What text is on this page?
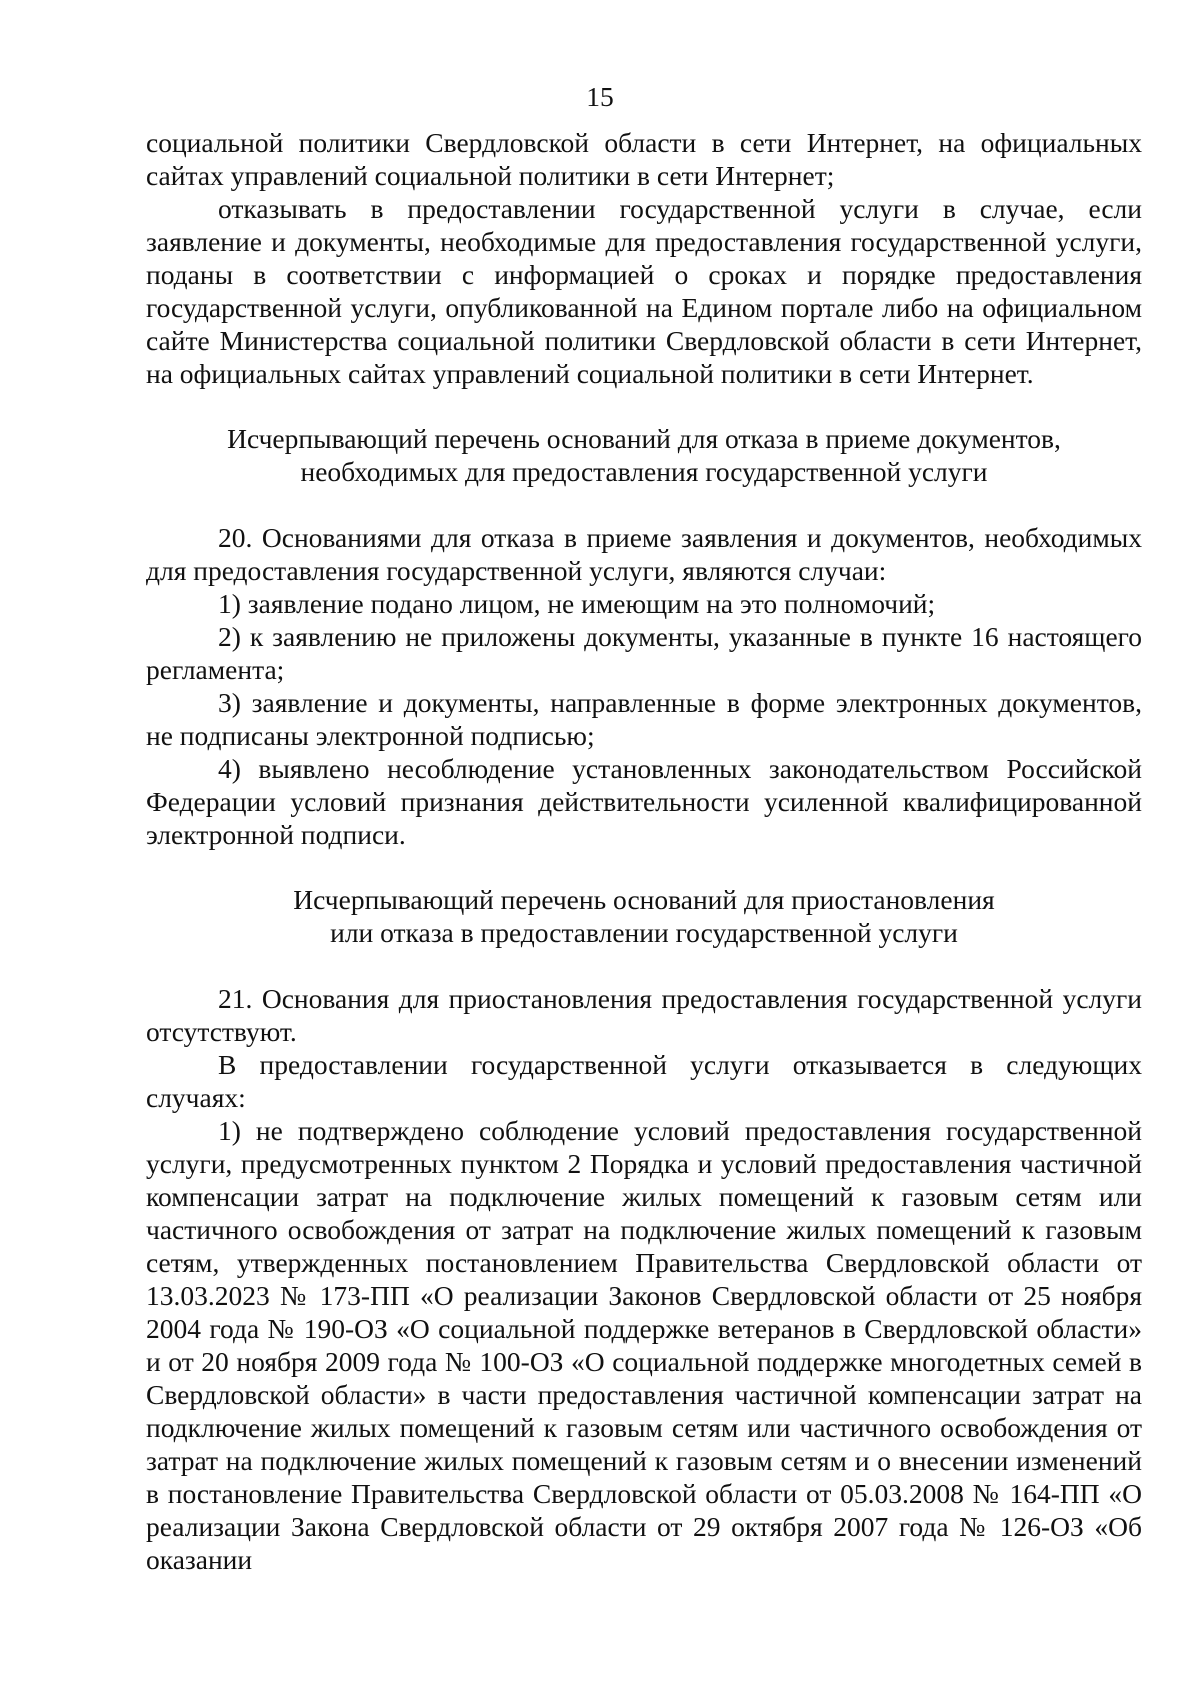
15

социальной политики Свердловской области в сети Интернет, на официальных сайтах управлений социальной политики в сети Интернет;

отказывать в предоставлении государственной услуги в случае, если заявление и документы, необходимые для предоставления государственной услуги, поданы в соответствии с информацией о сроках и порядке предоставления государственной услуги, опубликованной на Едином портале либо на официальном сайте Министерства социальной политики Свердловской области в сети Интернет, на официальных сайтах управлений социальной политики в сети Интернет.

Исчерпывающий перечень оснований для отказа в приеме документов,
необходимых для предоставления государственной услуги

20. Основаниями для отказа в приеме заявления и документов, необходимых для предоставления государственной услуги, являются случаи:

1) заявление подано лицом, не имеющим на это полномочий;

2) к заявлению не приложены документы, указанные в пункте 16 настоящего регламента;

3) заявление и документы, направленные в форме электронных документов, не подписаны электронной подписью;

4) выявлено несоблюдение установленных законодательством Российской Федерации условий признания действительности усиленной квалифицированной электронной подписи.

Исчерпывающий перечень оснований для приостановления
или отказа в предоставлении государственной услуги

21. Основания для приостановления предоставления государственной услуги отсутствуют.

В предоставлении государственной услуги отказывается в следующих случаях:

1) не подтверждено соблюдение условий предоставления государственной услуги, предусмотренных пунктом 2 Порядка и условий предоставления частичной компенсации затрат на подключение жилых помещений к газовым сетям или частичного освобождения от затрат на подключение жилых помещений к газовым сетям, утвержденных постановлением Правительства Свердловской области от 13.03.2023 № 173-ПП «О реализации Законов Свердловской области от 25 ноября 2004 года № 190-ОЗ «О социальной поддержке ветеранов в Свердловской области» и от 20 ноября 2009 года № 100-ОЗ «О социальной поддержке многодетных семей в Свердловской области» в части предоставления частичной компенсации затрат на подключение жилых помещений к газовым сетям или частичного освобождения от затрат на подключение жилых помещений к газовым сетям и о внесении изменений в постановление Правительства Свердловской области от 05.03.2008 № 164-ПП «О реализации Закона Свердловской области от 29 октября 2007 года № 126-ОЗ «Об оказании
